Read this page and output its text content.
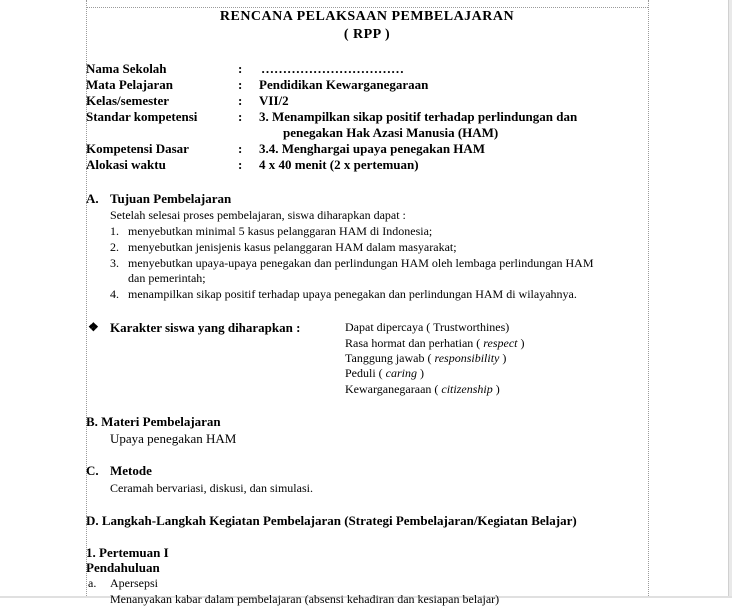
RENCANA PELAKSAAN PEMBELAJARAN
( RPP )
Nama Sekolah	: ……………………………
Mata Pelajaran	: Pendidikan Kewarganegaraan
Kelas/semester	: VII/2
Standar kompetensi	: 3. Menampilkan sikap positif terhadap perlindungan dan
penegakan Hak Azasi Manusia (HAM)
Kompetensi Dasar	: 3.4. Menghargai upaya penegakan HAM
Alokasi waktu	: 4 x 40 menit (2 x pertemuan)
A. Tujuan Pembelajaran
Setelah selesai proses pembelajaran, siswa diharapkan dapat :
1. menyebutkan minimal 5 kasus pelanggaran HAM di Indonesia;
2. menyebutkan jenisjenis kasus pelanggaran HAM dalam masyarakat;
3. menyebutkan upaya-upaya penegakan dan perlindungan HAM oleh lembaga perlindungan HAM
dan pemerintah;
4. menampilkan sikap positif terhadap upaya penegakan dan perlindungan HAM di wilayahnya.
❖ Karakter siswa yang diharapkan :	Dapat dipercaya ( Trustworthines)
Rasa hormat dan perhatian ( respect )
Tanggung jawab ( responsibility )
Peduli ( caring )
Kewarganegaraan ( citizenship )
B. Materi Pembelajaran
Upaya penegakan HAM
C. Metode
Ceramah bervariasi, diskusi, dan simulasi.
D. Langkah-Langkah Kegiatan Pembelajaran (Strategi Pembelajaran/Kegiatan Belajar)
1. Pertemuan I
Pendahuluan
a. Apersepsi
Menanyakan kabar dalam pembelajaran (absensi kehadiran dan kesiapan belajar)
